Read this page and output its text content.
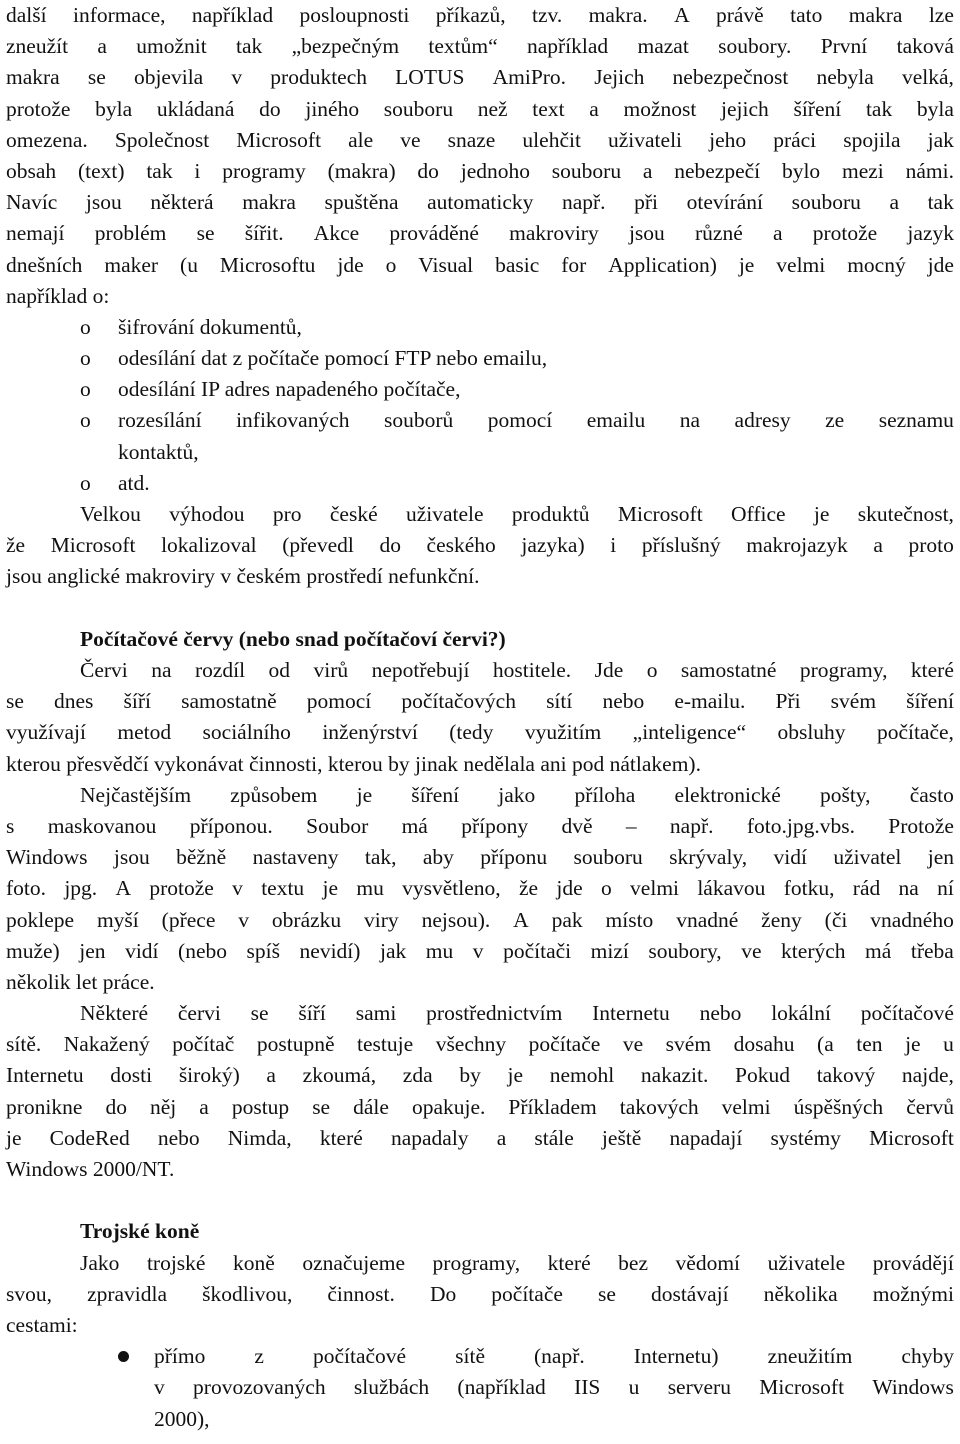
další informace, například posloupnosti příkazů, tzv. makra. A právě tato makra lze
zneužít a umožnit tak „bezpečným textům“ například mazat soubory. První taková
makra se objevila v produktech LOTUS AmiPro. Jejich nebezpečnost nebyla velká,
protože byla ukládaná do jiného souboru než text a možnost jejich šíření tak byla
omezena. Společnost Microsoft ale ve snaze ulehčit uživateli jeho práci spojila jak
obsah (text) tak i programy (makra) do jednoho souboru a nebezpečí bylo mezi námi.
Navíc jsou některá makra spuštěna automaticky např. při otevírání souboru a tak
nemají problém se šířit. Akce prováděné makroviry jsou různé a protože jazyk
dnešních maker (u Microsoftu jde o Visual basic for Application) je velmi mocný jde
například o:
o šifrování dokumentů,
o odesílání dat z počítače pomocí FTP nebo emailu,
o odesílání IP adres napadeného počítače,
o rozesílání infikovaných souborů pomocí emailu na adresy ze seznamu
kontaktů,
o atd.
Velkou výhodou pro české uživatele produktů Microsoft Office je skutečnost,
že Microsoft lokalizoval (převedl do českého jazyka) i příslušný makrojazyk a proto
jsou anglické makroviry v českém prostředí nefunkční.
Počítačové červy (nebo snad počítačoví červi?)
Červi na rozdíl od virů nepotřebují hostitele. Jde o samostatné programy, které
se dnes šíří samostatně pomocí počítačových sítí nebo e-mailu. Při svém šíření
využívají metod sociálního inženýrství (tedy využitím „inteligence“ obsluhy počítače,
kterou přesvědčí vykonávat činnosti, kterou by jinak nedělala ani pod nátlakem).
Nejčastějším způsobem je šíření jako příloha elektronické pošty, často
s maskovanou příponou. Soubor má přípony dvě – např. foto.jpg.vbs. Protože
Windows jsou běžně nastaveny tak, aby příponu souboru skrývaly, vidí uživatel jen
foto. jpg. A protože v textu je mu vysvětleno, že jde o velmi lákavou fotku, rád na ní
poklepe myší (přece v obrázku viry nejsou). A pak místo vnadné ženy (či vnadného
muže) jen vidí (nebo spíš nevidí) jak mu v počítači mizí soubory, ve kterých má třeba
několik let práce.
Některé červi se šíří sami prostřednictvím Internetu nebo lokální počítačové
sítě. Nakažený počítač postupně testuje všechny počítače ve svém dosahu (a ten je u
Internetu dosti široký) a zkoumá, zda by je nemohl nakazit. Pokud takový najde,
pronikne do něj a postup se dále opakuje. Příkladem takových velmi úspěšných červů
je CodeRed nebo Nimda, které napadaly a stále ještě napadají systémy Microsoft
Windows 2000/NT.
Trojské koně
Jako trojské koně označujeme programy, které bez vědomí uživatele provádějí
svou, zpravidla škodlivou, činnost. Do počítače se dostávají několika možnými
cestami:
přímo z počítačové sítě (např. Internetu) zneužitím chyby
v provozovaných službách (například IIS u serveru Microsoft Windows
2000),
